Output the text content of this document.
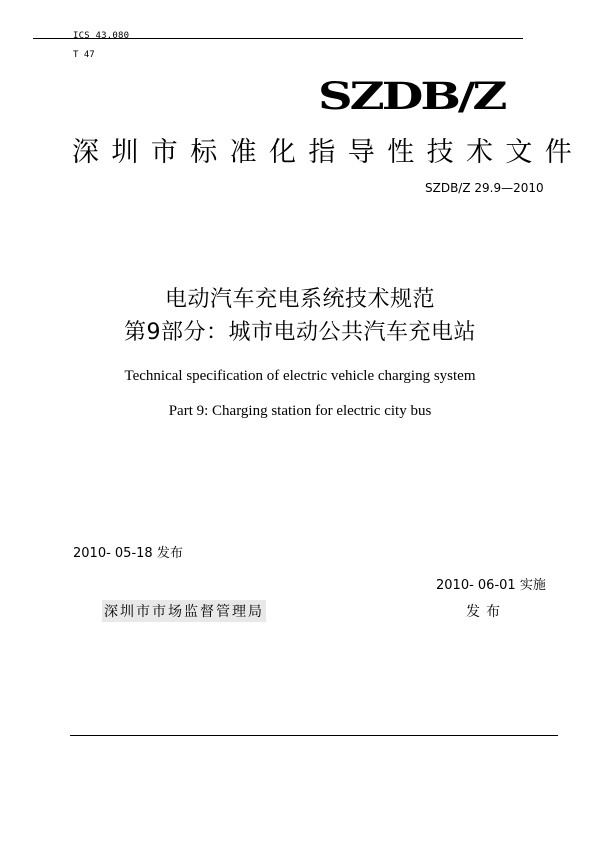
ICS 43.080
T 47
SZDB/Z
深圳市标准化指导性技术文件
SZDB/Z 29.9—2010
电动汽车充电系统技术规范
第9部分：城市电动公共汽车充电站
Technical specification of electric vehicle charging system
Part 9: Charging station for electric city bus
2010- 05-18 发布
2010- 06-01 实施
深圳市市场监督管理局	发布
